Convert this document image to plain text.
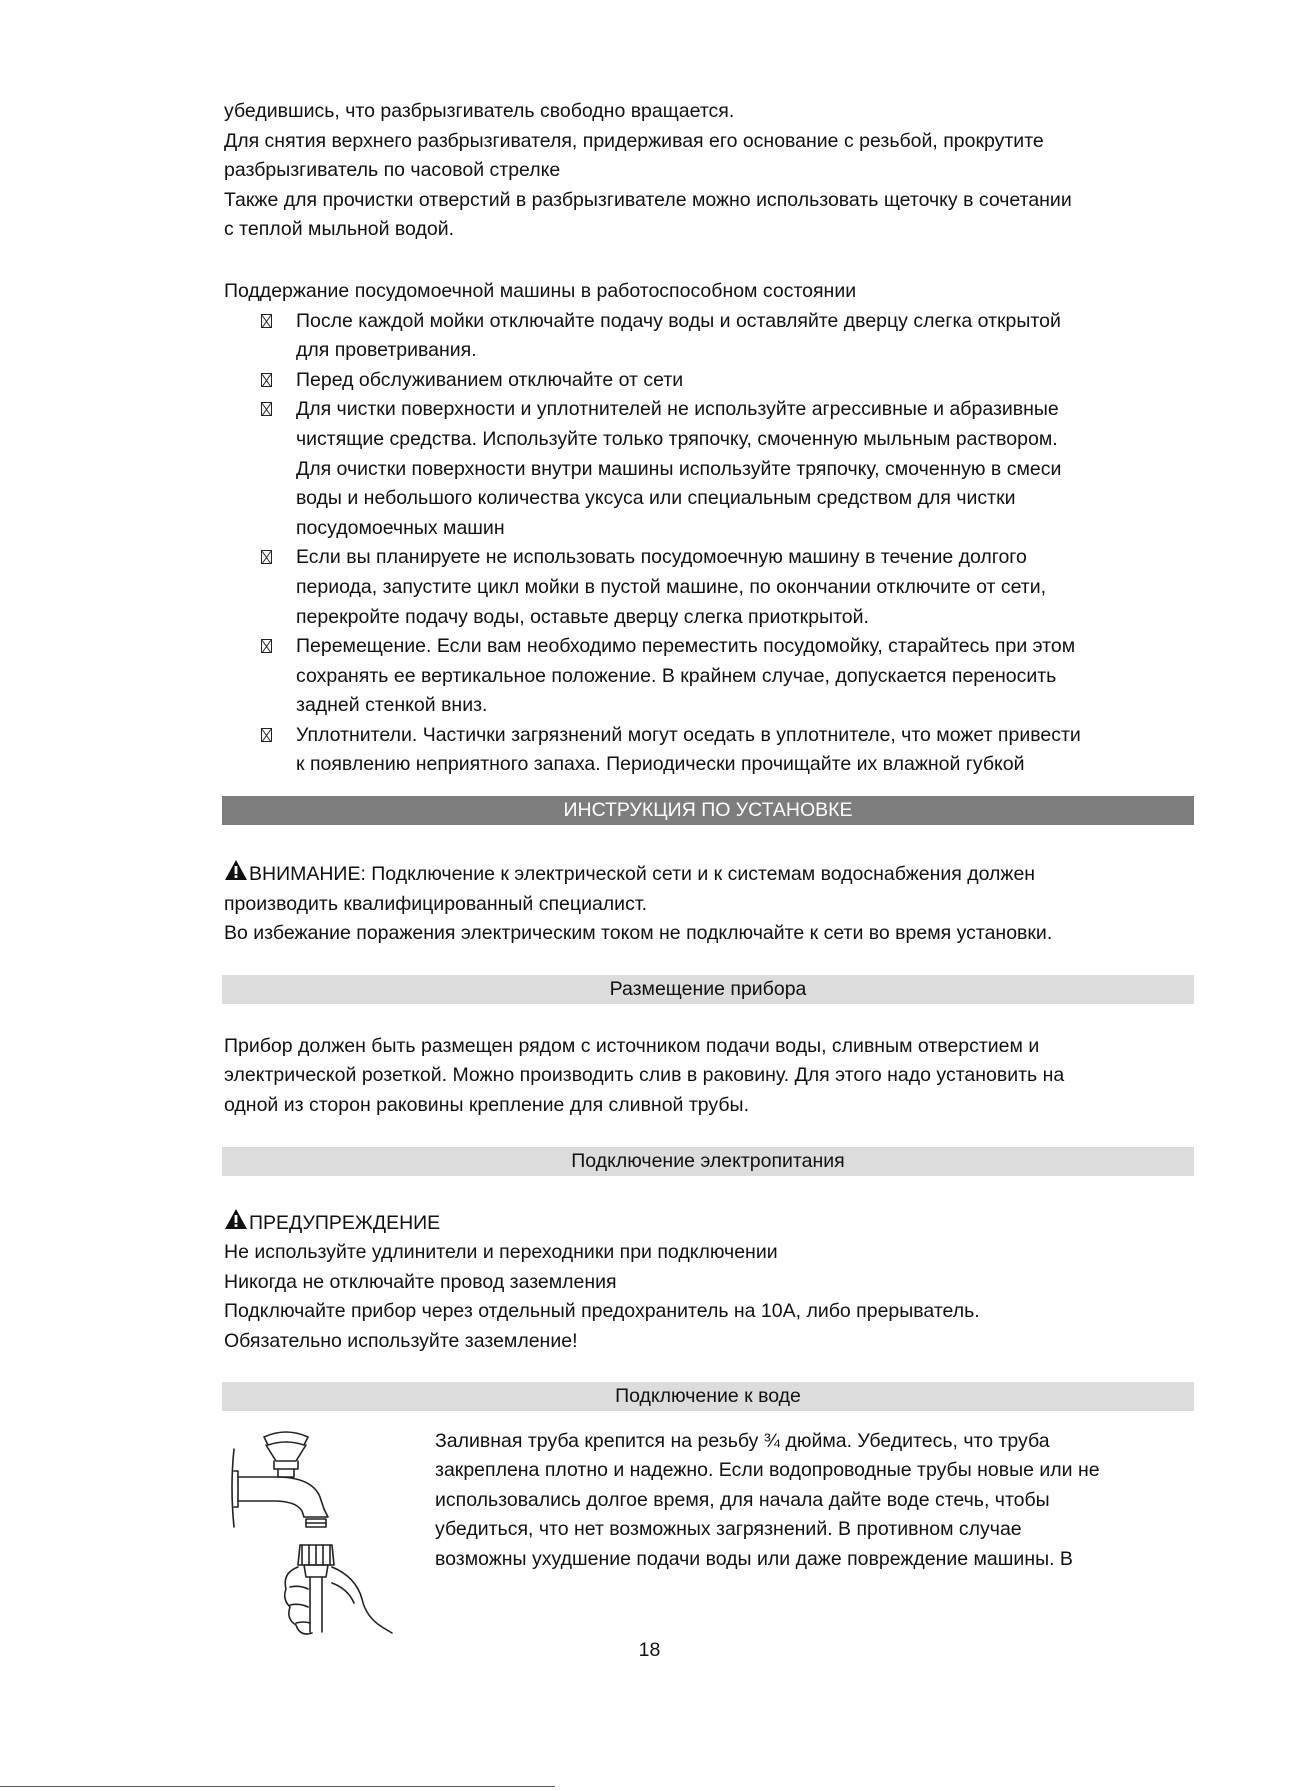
убедившись, что разбрызгиватель свободно вращается.

Для снятия верхнего разбрызгивателя, придерживая его основание с резьбой, прокрутите

разбрызгиватель по часовой стрелке

Также для прочистки отверстий в разбрызгивателе можно использовать щеточку в сочетании

с теплой мыльной водой.

Поддержание посудомоечной машины в работоспособном состоянии

После каждой мойки отключайте подачу воды и оставляйте дверцу слегка открытой
для проветривания.
Перед обслуживанием отключайте от сети
Для чистки поверхности и уплотнителей не используйте агрессивные и абразивные
чистящие средства. Используйте только тряпочку, смоченную мыльным раствором.
Для очистки поверхности внутри машины используйте тряпочку, смоченную в смеси
воды и небольшого количества уксуса или специальным средством для чистки
посудомоечных машин
Если вы планируете не использовать посудомоечную машину в течение долгого
периода, запустите цикл мойки в пустой машине, по окончании отключите от сети,
перекройте подачу воды, оставьте дверцу слегка приоткрытой.
Перемещение. Если вам необходимо переместить посудомойку, старайтесь при этом
сохранять ее вертикальное положение. В крайнем случае, допускается переносить
задней стенкой вниз.
Уплотнители. Частички загрязнений могут оседать в уплотнителе, что может привести
к появлению неприятного запаха. Периодически прочищайте их влажной губкой
ИНСТРУКЦИЯ ПО УСТАНОВКЕ

ВНИМАНИЕ: Подключение к электрической сети и к системам водоснабжения должен

производить квалифицированный специалист.

Во избежание поражения электрическим током не подключайте к сети во время установки.

Размещение прибора

Прибор должен быть размещен рядом с источником подачи воды, сливным отверстием и

электрической розеткой. Можно производить слив в раковину. Для этого надо установить на

одной из сторон раковины крепление для сливной трубы.

Подключение электропитания

ПРЕДУПРЕЖДЕНИЕ

Не используйте удлинители и переходники при подключении

Никогда не отключайте провод заземления

Подключайте прибор через отдельный предохранитель на 10А, либо прерыватель.

Обязательно используйте заземление!

Подключение к воде

Заливная труба крепится на резьбу ¾ дюйма. Убедитесь, что труба

закреплена плотно и надежно. Если водопроводные трубы новые или не

использовались долгое время, для начала дайте воде стечь, чтобы

убедиться, что нет возможных загрязнений. В противном случае

возможны ухудшение подачи воды или даже повреждение машины. В

18
